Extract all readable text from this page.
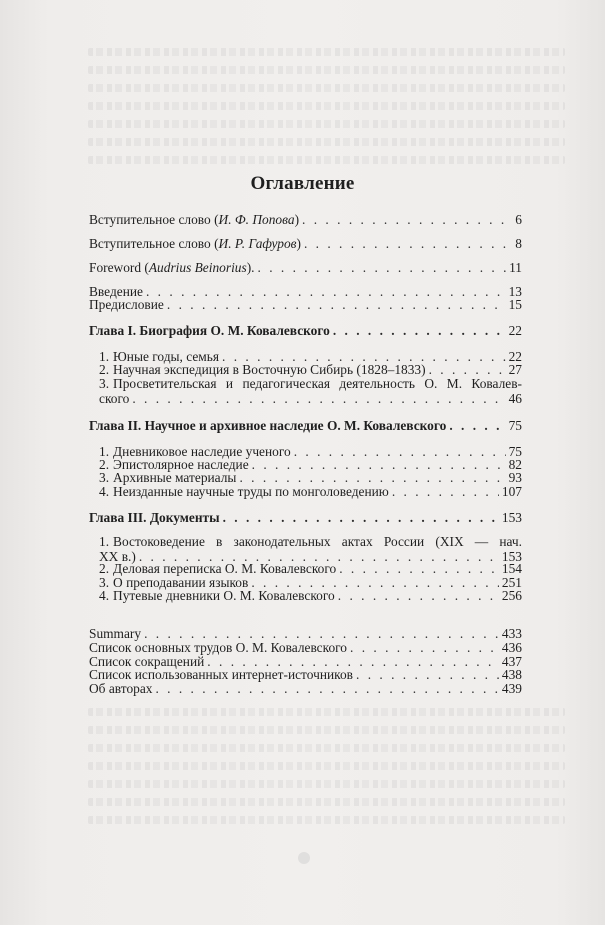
Оглавление
Вступительное слово (И. Ф. Попова) . . .	6
Вступительное слово (И. Р. Гафуров) . . .	8
Foreword (Audrius Beinorius). . . .	11
Введение . . .	13
Предисловие . . .	15
Глава I. Биография О. М. Ковалевского . . .	22
1. Юные годы, семья . . .	22
2. Научная экспедиция в Восточную Сибирь (1828–1833) . . .	27
3. Просветительская и педагогическая деятельность О. М. Ковалев-
ского . . .	46
Глава II. Научное и архивное наследие О. М. Ковалевского . . .	75
1. Дневниковое наследие ученого . . .	75
2. Эпистолярное наследие . . .	82
3. Архивные материалы . . .	93
4. Неизданные научные труды по монголоведению . . .	107
Глава III. Документы . . .	153
1. Востоковедение в законодательных актах России (XIX — нач.
XX в.) . . .	153
2. Деловая переписка О. М. Ковалевского . . .	154
3. О преподавании языков . . .	251
4. Путевые дневники О. М. Ковалевского . . .	256
Summary . . .	433
Список основных трудов О. М. Ковалевского . . .	436
Список сокращений . . .	437
Список использованных интернет-источников . . .	438
Об авторах . . .	439
